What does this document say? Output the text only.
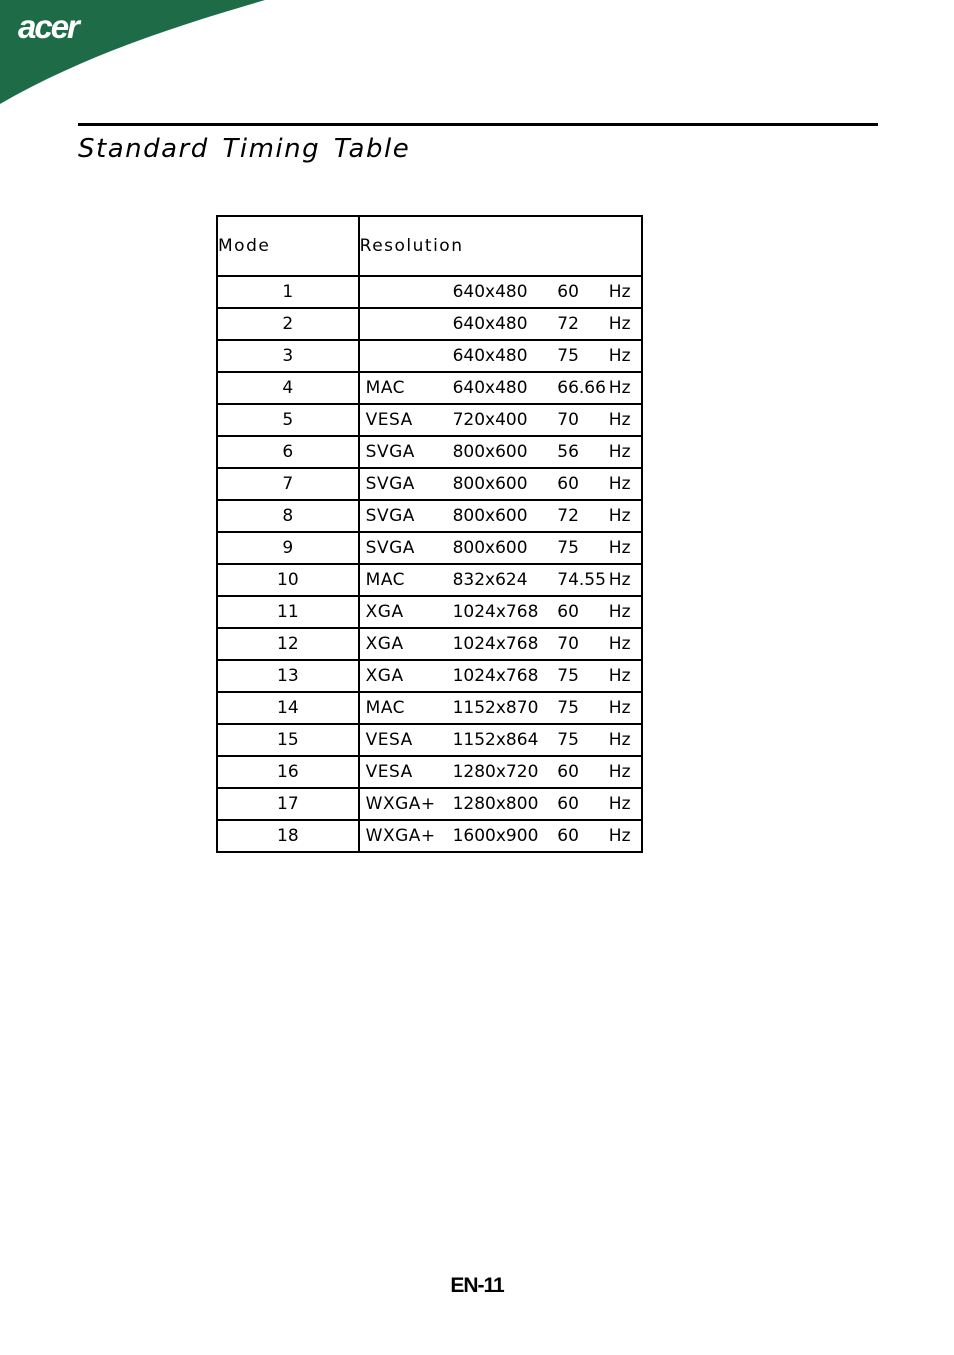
acer
Standard Timing Table
Mode	Resolution
1	640x480 60 Hz

2	640x480 72 Hz

3	640x480 75 Hz

4	MAC 640x480 66.66 Hz

5	VESA 720x400 70 Hz

6	SVGA 800x600 56 Hz

7	SVGA 800x600 60 Hz

8	SVGA 800x600 72 Hz

9	SVGA 800x600 75 Hz

10	MAC 832x624 74.55 Hz

11	XGA 1024x768 60 Hz

12	XGA 1024x768 70 Hz

13	XGA 1024x768 75 Hz

14	MAC 1152x870 75 Hz

15	VESA 1152x864 75 Hz

16	VESA 1280x720 60 Hz

17	WXGA+ 1280x800 60 Hz

18	WXGA+ 1600x900 60 Hz
EN-11
